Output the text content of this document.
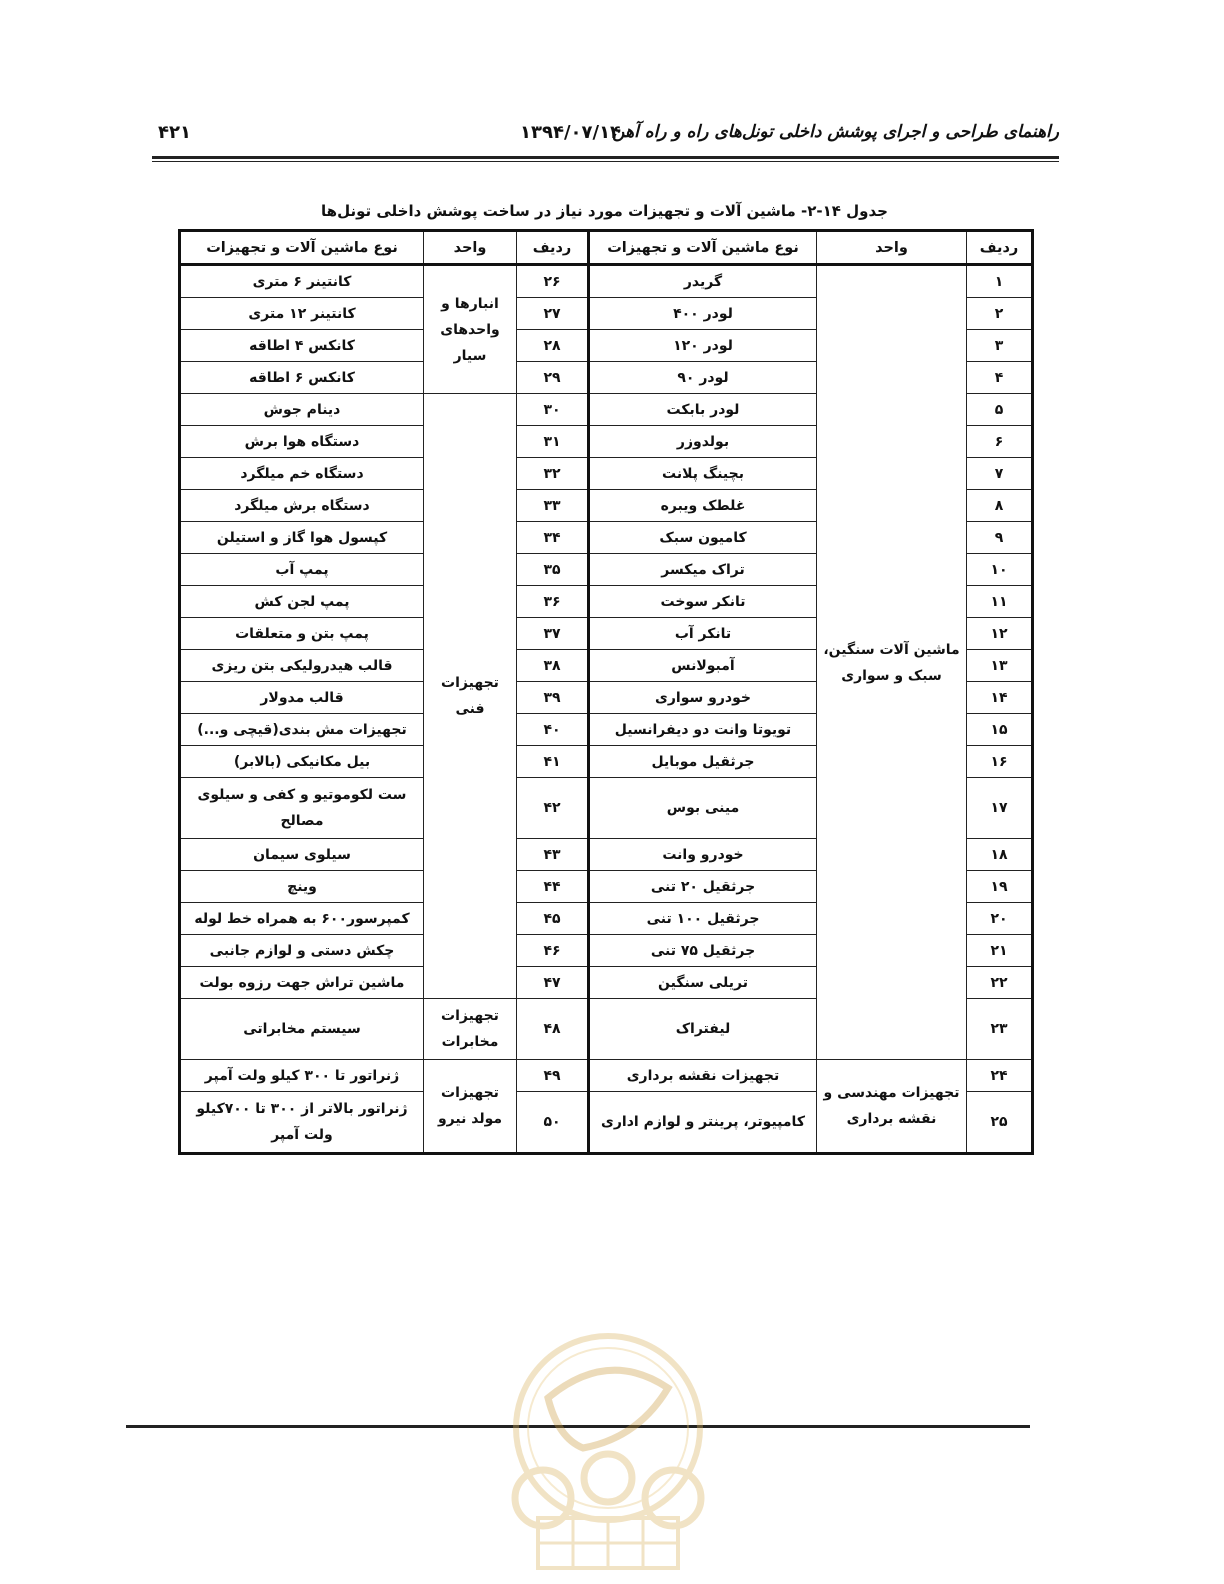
راهنمای طراحی و اجرای پوشش داخلی تونل‌های راه و راه آهن
۱۳۹۴/۰۷/۱۴
۴۲۱
جدول ۱۴-۲- ماشین آلات و تجهیزات مورد نیاز در ساخت پوشش داخلی تونل‌ها
ردیف	واحد	نوع ماشین آلات و تجهیزات	ردیف	واحد	نوع ماشین آلات و تجهیزات
۱	ماشین آلات سنگین، سبک و سواری	گریدر	۲۶	انبارها و واحدهای سیار	کانتینر ۶ متری
۲		لودر ۴۰۰	۲۷		کانتینر ۱۲ متری
۳		لودر ۱۲۰	۲۸		کانکس ۴ اطاقه
۴		لودر ۹۰	۲۹		کانکس ۶ اطاقه
۵		لودر بابکت	۳۰	تجهیزات فنی	دینام جوش
۶		بولدوزر	۳۱		دستگاه هوا برش
۷		بچینگ پلانت	۳۲		دستگاه خم میلگرد
۸		غلطک ویبره	۳۳		دستگاه برش میلگرد
۹		کامیون سبک	۳۴		کپسول هوا گاز و استیلن
۱۰		تراک میکسر	۳۵		پمپ آب
۱۱		تانکر سوخت	۳۶		پمپ لجن کش
۱۲		تانکر آب	۳۷		پمپ بتن و متعلقات
۱۳		آمبولانس	۳۸		قالب هیدرولیکی بتن ریزی
۱۴		خودرو سواری	۳۹		قالب مدولار
۱۵		تویوتا وانت دو دیفرانسیل	۴۰		تجهیزات مش بندی(قیچی و...)
۱۶		جرثقیل موبایل	۴۱		بیل مکانیکی (بالابر)
۱۷		مینی بوس	۴۲		ست لکوموتیو و کفی و سیلوی مصالح
۱۸		خودرو وانت	۴۳		سیلوی سیمان
۱۹		جرثقیل ۲۰ تنی	۴۴		وینچ
۲۰		جرثقیل ۱۰۰ تنی	۴۵		کمپرسور۶۰۰ به همراه خط لوله
۲۱		جرثقیل ۷۵ تنی	۴۶		چکش دستی و لوازم جانبی
۲۲		تریلی سنگین	۴۷		ماشین تراش جهت رزوه بولت
۲۳		لیفتراک	۴۸	تجهیزات مخابرات	سیستم مخابراتی
۲۴	تجهیزات مهندسی و نقشه برداری	تجهیزات نقشه برداری	۴۹	تجهیزات مولد نیرو	ژنراتور تا ۳۰۰ کیلو ولت آمپر
۲۵		کامپیوتر، پرینتر و لوازم اداری	۵۰		ژنراتور بالاتر از ۳۰۰ تا ۷۰۰کیلو ولت آمپر
